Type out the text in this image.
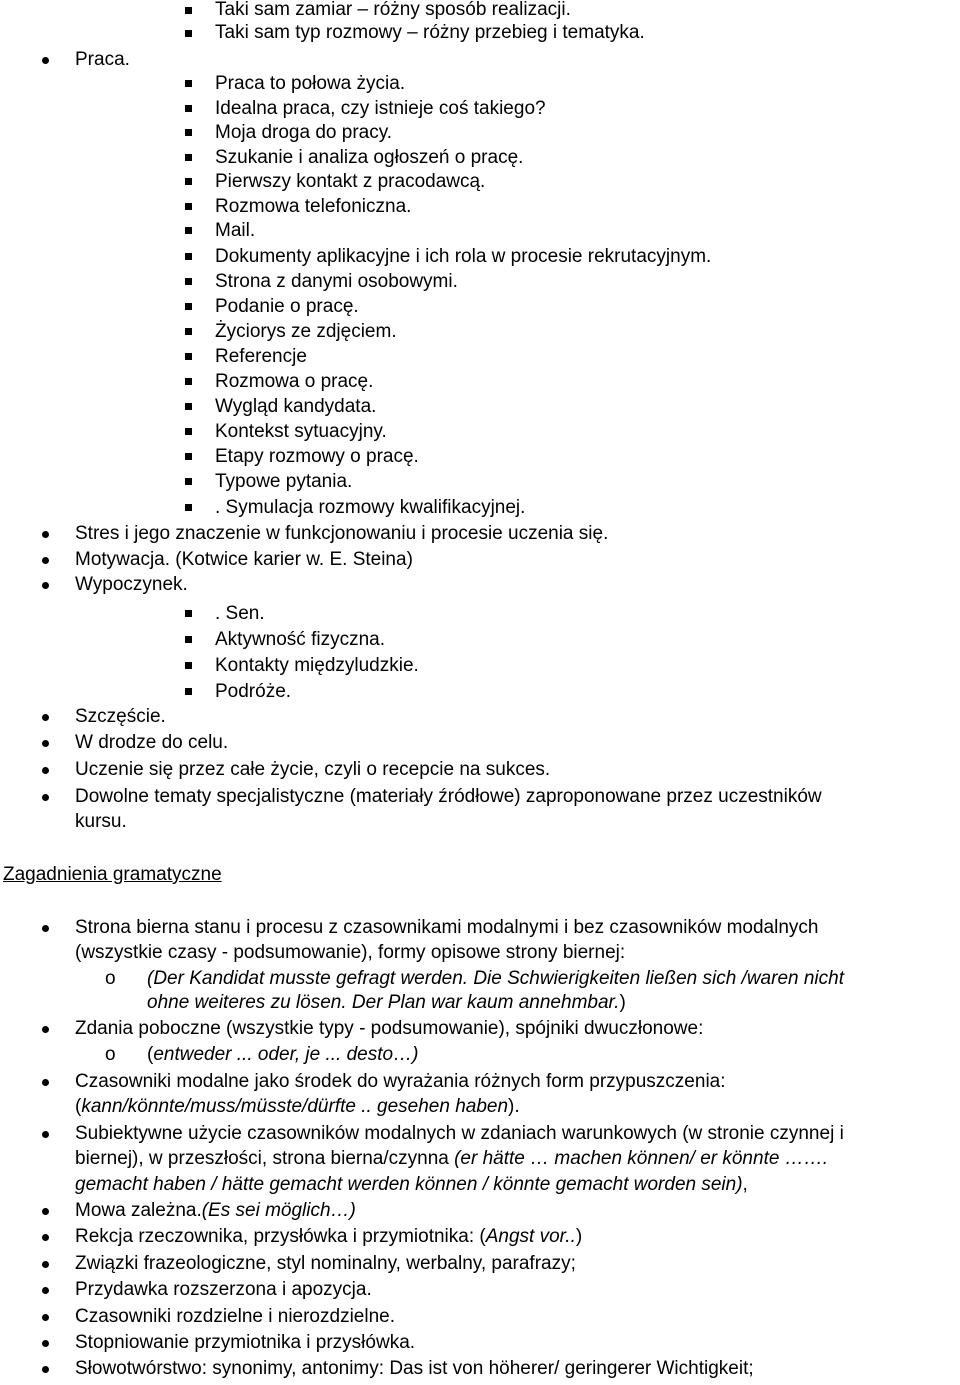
Taki sam zamiar – różny sposób realizacji.
Taki sam typ rozmowy – różny przebieg i tematyka.
Praca.
Praca to połowa życia.
Idealna praca, czy istnieje coś takiego?
Moja droga do pracy.
Szukanie i analiza ogłoszeń o pracę.
Pierwszy kontakt z pracodawcą.
Rozmowa telefoniczna.
Mail.
Dokumenty aplikacyjne i ich rola w procesie rekrutacyjnym.
Strona z danymi osobowymi.
Podanie o pracę.
Życiorys ze zdjęciem.
Referencje
Rozmowa o pracę.
Wygląd kandydata.
Kontekst sytuacyjny.
Etapy rozmowy o pracę.
Typowe pytania.
. Symulacja rozmowy kwalifikacyjnej.
Stres i jego znaczenie w funkcjonowaniu i procesie uczenia się.
Motywacja. (Kotwice karier w. E. Steina)
Wypoczynek.
. Sen.
Aktywność fizyczna.
Kontakty międzyludzkie.
Podróże.
Szczęście.
W drodze do celu.
Uczenie się przez całe życie, czyli o recepcie na sukces.
Dowolne tematy specjalistyczne (materiały źródłowe) zaproponowane przez uczestników
kursu.
Zagadnienia gramatyczne
Strona bierna stanu i procesu z czasownikami modalnymi i bez czasowników modalnych
(wszystkie czasy - podsumowanie), formy opisowe strony biernej:
o (Der Kandidat musste gefragt werden. Die Schwierigkeiten ließen sich /waren nicht
ohne weiteres zu lösen. Der Plan war kaum annehmbar.)
Zdania poboczne (wszystkie typy - podsumowanie), spójniki dwuczłonowe:
o (entweder ... oder, je ... desto…)
Czasowniki modalne jako środek do wyrażania różnych form przypuszczenia:
(kann/könnte/muss/müsste/dürfte .. gesehen haben).
Subiektywne użycie czasowników modalnych w zdaniach warunkowych (w stronie czynnej i
biernej), w przeszłości, strona bierna/czynna (er hätte … machen können/ er könnte …….
gemacht haben / hätte gemacht werden können / könnte gemacht worden sein),
Mowa zależna.(Es sei möglich…)
Rekcja rzeczownika, przysłówka i przymiotnika: (Angst vor..)
Związki frazeologiczne, styl nominalny, werbalny, parafrazy;
Przydawka rozszerzona i apozycja.
Czasowniki rozdzielne i nierozdzielne.
Stopniowanie przymiotnika i przysłówka.
Słowotwórstwo: synonimy, antonimy: Das ist von höherer/ geringerer Wichtigkeit;
